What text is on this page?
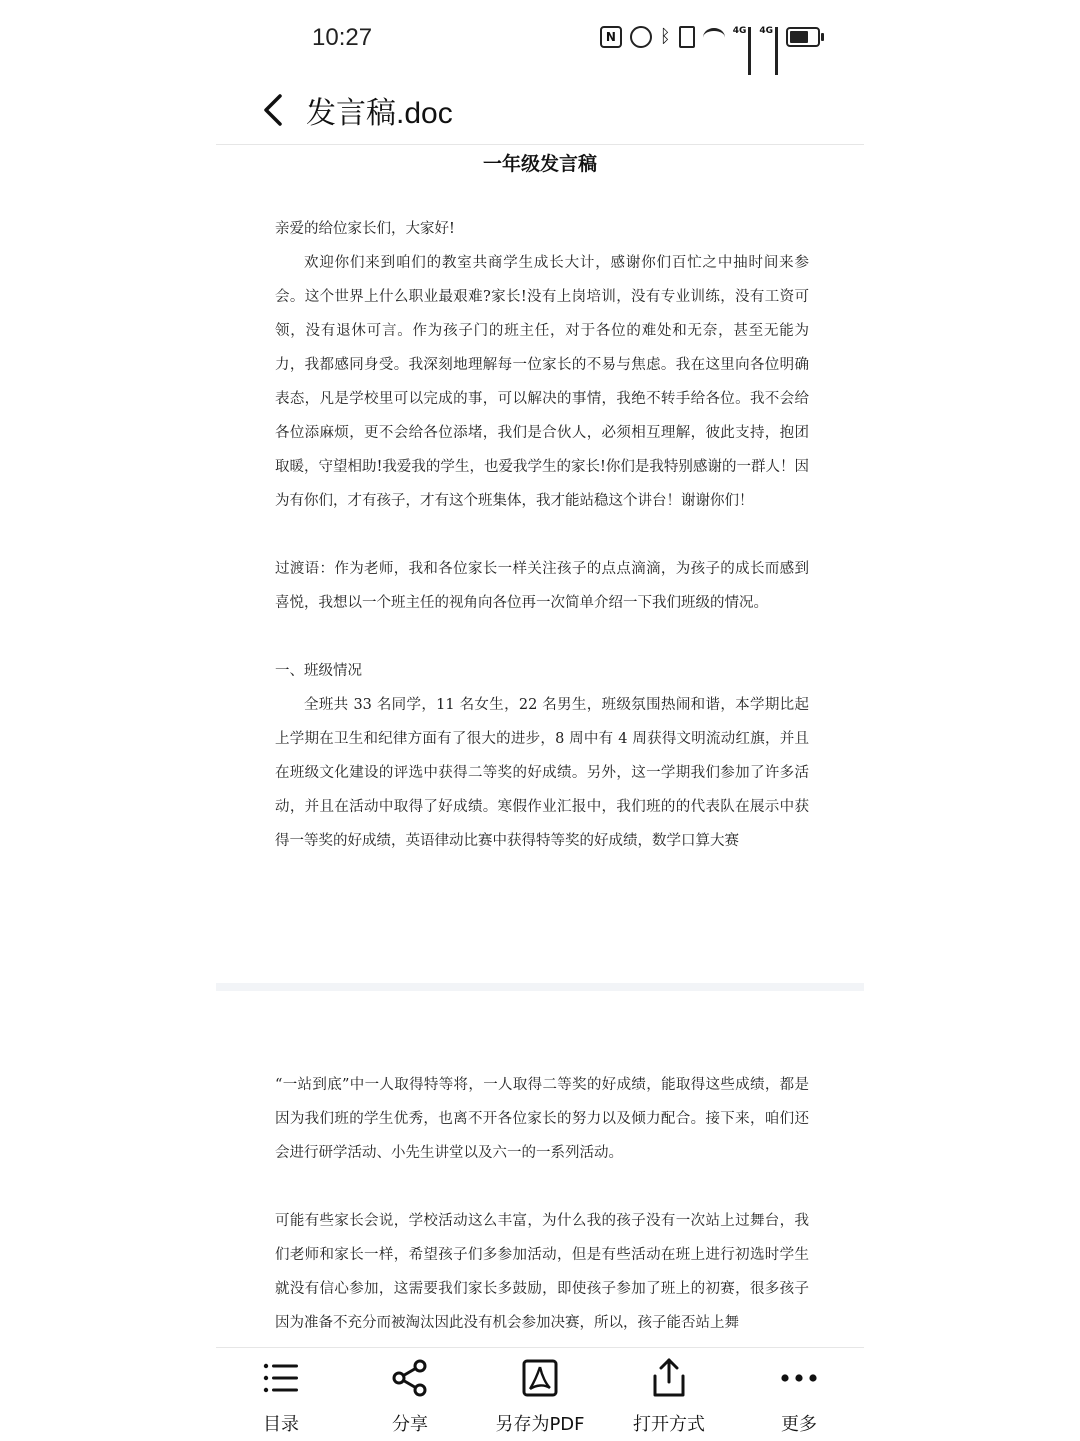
10:27	N	ᛒ	4G 4G
发言稿.doc
一年级发言稿

亲爱的给位家长们，大家好!

欢迎你们来到咱们的教室共商学生成长大计，感谢你们百忙之中抽时间来参会。这个世界上什么职业最艰难?家长!没有上岗培训，没有专业训练，没有工资可领，没有退休可言。作为孩子门的班主任，对于各位的难处和无奈，甚至无能为力，我都感同身受。我深刻地理解每一位家长的不易与焦虑。我在这里向各位明确表态，凡是学校里可以完成的事，可以解决的事情，我绝不转手给各位。我不会给各位添麻烦，更不会给各位添堵，我们是合伙人，必须相互理解，彼此支持，抱团取暖，守望相助!我爱我的学生，也爱我学生的家长!你们是我特别感谢的一群人！因为有你们，才有孩子，才有这个班集体，我才能站稳这个讲台！谢谢你们！

过渡语：作为老师，我和各位家长一样关注孩子的点点滴滴，为孩子的成长而感到喜悦，我想以一个班主任的视角向各位再一次简单介绍一下我们班级的情况。

一、班级情况

全班共 33 名同学，11 名女生，22 名男生，班级氛围热闹和谐，本学期比起上学期在卫生和纪律方面有了很大的进步，8 周中有 4 周获得文明流动红旗，并且在班级文化建设的评选中获得二等奖的好成绩。另外，这一学期我们参加了许多活动，并且在活动中取得了好成绩。寒假作业汇报中，我们班的的代表队在展示中获得一等奖的好成绩，英语律动比赛中获得特等奖的好成绩，数学口算大赛

“一站到底”中一人取得特等将，一人取得二等奖的好成绩，能取得这些成绩，都是因为我们班的学生优秀，也离不开各位家长的努力以及倾力配合。接下来，咱们还会进行研学活动、小先生讲堂以及六一的一系列活动。

可能有些家长会说，学校活动这么丰富，为什么我的孩子没有一次站上过舞台，我们老师和家长一样，希望孩子们多参加活动，但是有些活动在班上进行初选时学生就没有信心参加，这需要我们家长多鼓励，即使孩子参加了班上的初赛，很多孩子因为准备不充分而被淘汰因此没有机会参加决赛，所以，孩子能否站上舞

目录	分享	另存为PDF	打开方式	更多
